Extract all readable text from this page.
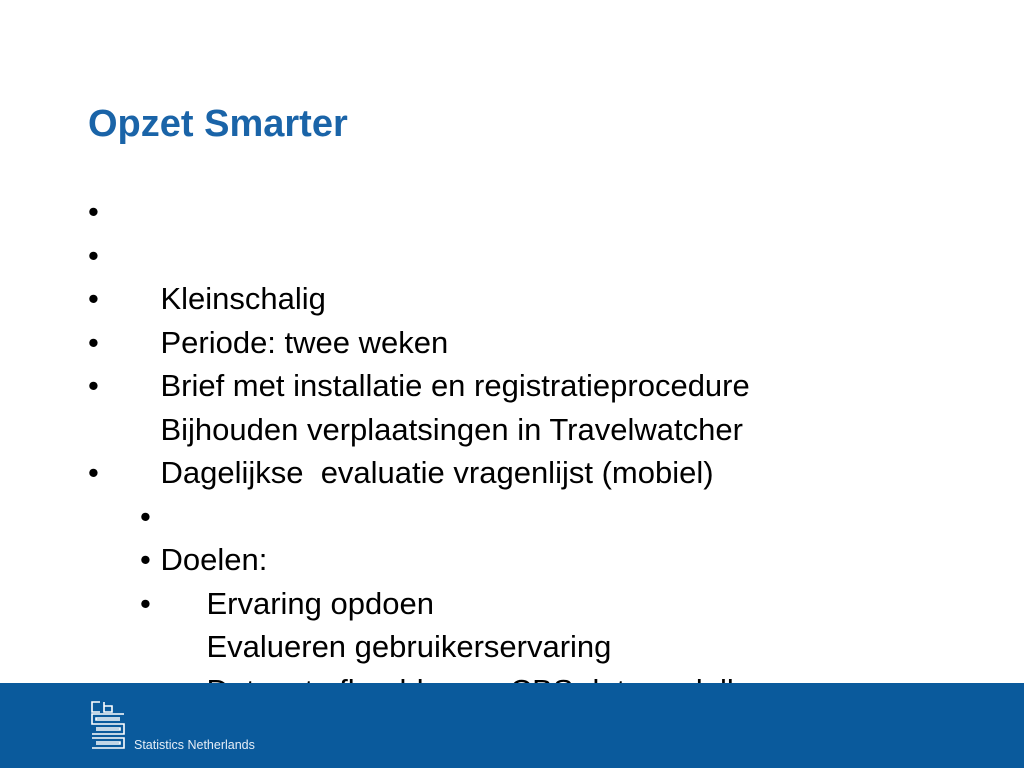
Opzet Smarter

•

Kleinschalig

•

Periode: twee weken

•

Brief met installatie en registratieprocedure

•

Bijhouden verplaatsingen in Travelwatcher

•

Dagelijkse  evaluatie vragenlijst (mobiel)

•

Doelen:

•

Ervaring opdoen

•

Evalueren gebruikerservaring

•

Statistics Netherlands
